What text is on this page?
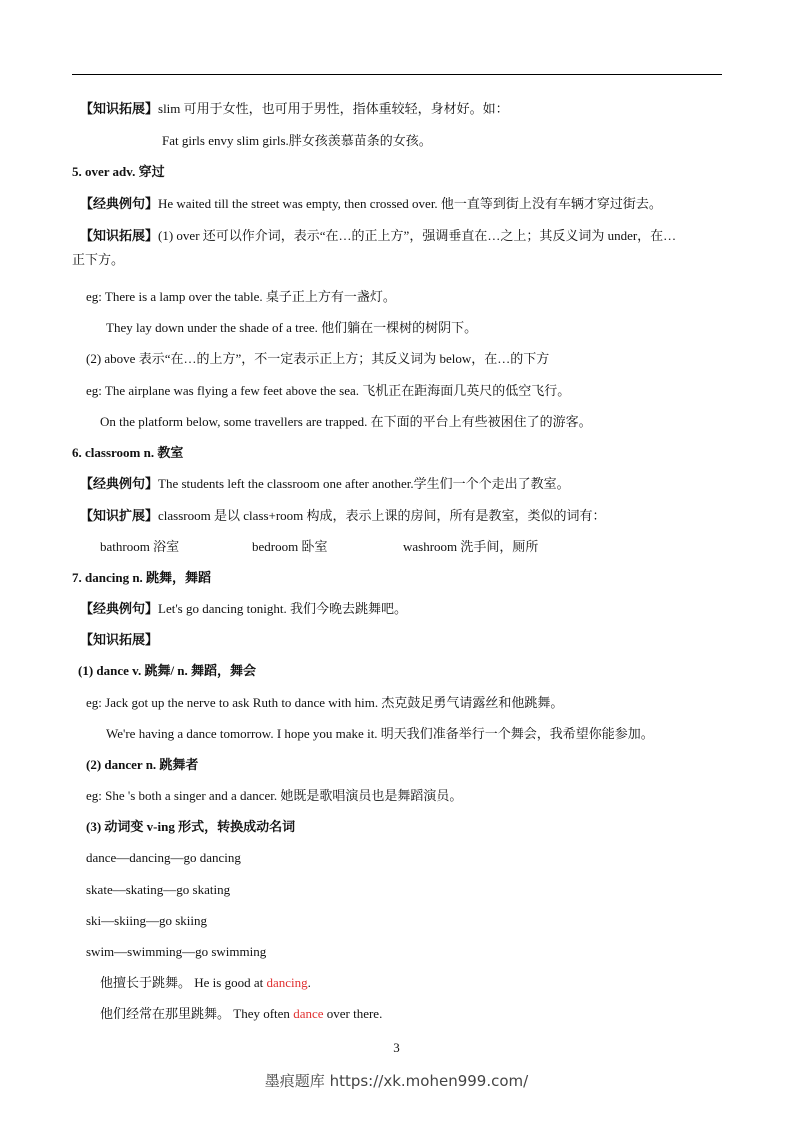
【知识拓展】slim 可用于女性，也可用于男性，指体重较轻，身材好。如：
Fat girls envy slim girls.胖女孩羡慕苗条的女孩。
5. over adv. 穿过
【经典例句】He waited till the street was empty, then crossed over. 他一直等到街上没有车辆才穿过街去。
【知识拓展】(1) over 还可以作介词，表示“在…的正上方”，强调垂直在…之上；其反义词为 under，在…
正下方。
eg: There is a lamp over the table. 桌子正上方有一盏灯。
They lay down under the shade of a tree. 他们躺在一棵树的树阴下。
(2) above 表示“在…的上方”，不一定表示正上方；其反义词为 below，在…的下方
eg: The airplane was flying a few feet above the sea. 飞机正在距海面几英尺的低空飞行。
On the platform below, some travellers are trapped. 在下面的平台上有些被困住了的游客。
6. classroom n. 教室
【经典例句】The students left the classroom one after another.学生们一个个走出了教室。
【知识扩展】classroom 是以 class+room 构成，表示上课的房间，所有是教室，类似的词有：
bathroom 浴室	bedroom 卧室	washroom 洗手间，厕所
7. dancing n. 跳舞，舞蹈
【经典例句】Let's go dancing tonight. 我们今晚去跳舞吧。
【知识拓展】
(1) dance v. 跳舞/ n. 舞蹈，舞会
eg: Jack got up the nerve to ask Ruth to dance with him. 杰克鼓足勇气请露丝和他跳舞。
We're having a dance tomorrow. I hope you make it. 明天我们准备举行一个舞会，我希望你能参加。
(2) dancer n. 跳舞者
eg: She 's both a singer and a dancer. 她既是歌唱演员也是舞蹈演员。
(3) 动词变 v-ing 形式，转换成动名词
dance—dancing—go dancing
skate—skating—go skating
ski—skiing—go skiing
swim—swimming—go swimming
他擅长于跳舞。 He is good at dancing.
他们经常在那里跳舞。 They often dance over there.
3
墨痕题库 https://xk.mohen999.com/
